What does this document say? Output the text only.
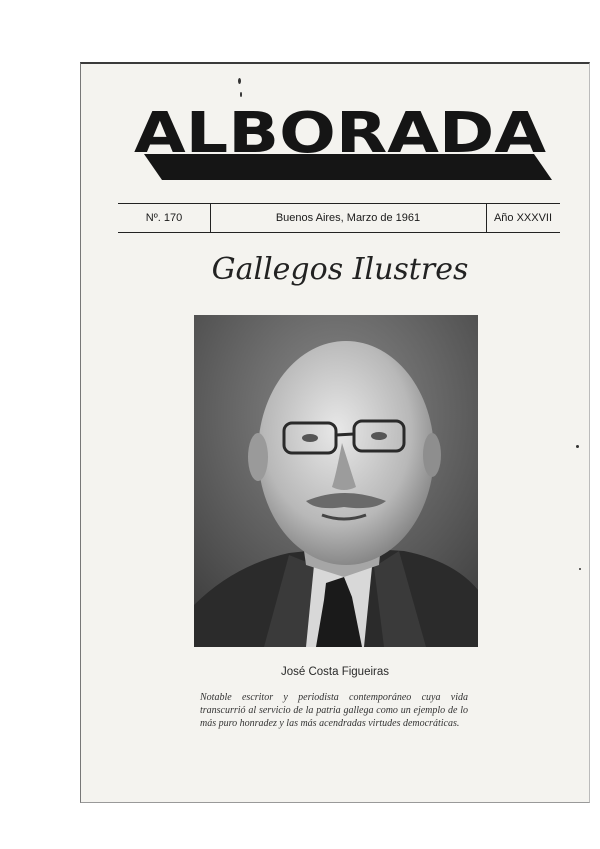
ALBORADA
Nº. 170	Buenos Aires, Marzo de 1961	Año XXXVII
Gallegos Ilustres
José Costa Figueiras
Notable escritor y periodista contemporáneo cuya vida transcurrió al servicio de la patria gallega como un ejemplo de lo más puro honradez y las más acendradas virtudes democráticas.
